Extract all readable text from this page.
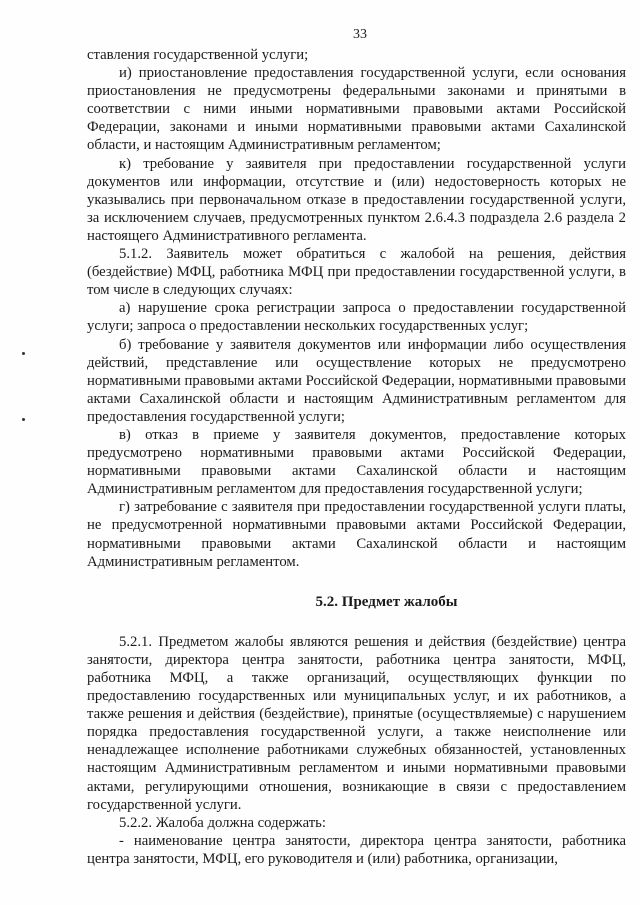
33

ставления государственной услуги;

и) приостановление предоставления государственной услуги, если основания приостановления не предусмотрены федеральными законами и принятыми в соответствии с ними иными нормативными правовыми актами Российской Федерации, законами и иными нормативными правовыми актами Сахалинской области, и настоящим Административным регламентом;

к) требование у заявителя при предоставлении государственной услуги документов или информации, отсутствие и (или) недостоверность которых не указывались при первоначальном отказе в предоставлении государственной услуги, за исключением случаев, предусмотренных пунктом 2.6.4.3 подраздела 2.6 раздела 2 настоящего Административного регламента.

5.1.2. Заявитель может обратиться с жалобой на решения, действия (бездействие) МФЦ, работника МФЦ при предоставлении государственной услуги, в том числе в следующих случаях:

а) нарушение срока регистрации запроса о предоставлении государственной услуги; запроса о предоставлении нескольких государственных услуг;

б) требование у заявителя документов или информации либо осуществления действий, представление или осуществление которых не предусмотрено нормативными правовыми актами Российской Федерации, нормативными правовыми актами Сахалинской области и настоящим Административным регламентом для предоставления государственной услуги;

в) отказ в приеме у заявителя документов, предоставление которых предусмотрено нормативными правовыми актами Российской Федерации, нормативными правовыми актами Сахалинской области и настоящим Административным регламентом для предоставления государственной услуги;

г) затребование с заявителя при предоставлении государственной услуги платы, не предусмотренной нормативными правовыми актами Российской Федерации, нормативными правовыми актами Сахалинской области и настоящим Административным регламентом.

5.2. Предмет жалобы

5.2.1. Предметом жалобы являются решения и действия (бездействие) центра занятости, директора центра занятости, работника центра занятости, МФЦ, работника МФЦ, а также организаций, осуществляющих функции по предоставлению государственных или муниципальных услуг, и их работников, а также решения и действия (бездействие), принятые (осуществляемые) с нарушением порядка предоставления государственной услуги, а также неисполнение или ненадлежащее исполнение работниками служебных обязанностей, установленных настоящим Административным регламентом и иными нормативными правовыми актами, регулирующими отношения, возникающие в связи с предоставлением государственной услуги.

5.2.2. Жалоба должна содержать:

- наименование центра занятости, директора центра занятости, работника центра занятости, МФЦ, его руководителя и (или) работника, организации,
